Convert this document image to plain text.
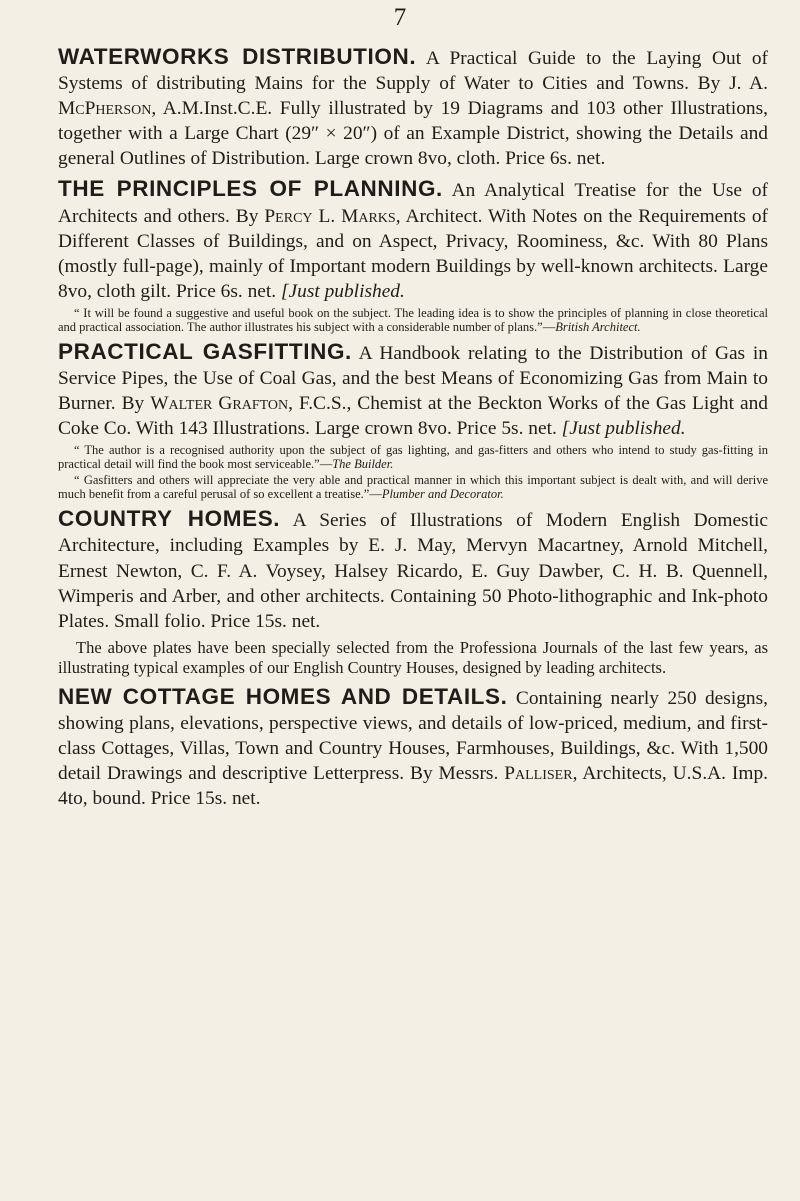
7

WATERWORKS DISTRIBUTION. A Practical Guide to the Laying Out of Systems of distributing Mains for the Supply of Water to Cities and Towns. By J. A. McPherson, A.M.Inst.C.E. Fully illustrated by 19 Diagrams and 103 other Illustrations, together with a Large Chart (29″ × 20″) of an Example District, showing the Details and general Outlines of Distribution. Large crown 8vo, cloth. Price 6s. net.

THE PRINCIPLES OF PLANNING. An Analytical Treatise for the Use of Architects and others. By Percy L. Marks, Architect. With Notes on the Requirements of Different Classes of Buildings, and on Aspect, Privacy, Roominess, &c. With 80 Plans (mostly full-page), mainly of Important modern Buildings by well-known architects. Large 8vo, cloth gilt. Price 6s. net. [Just published.

“ It will be found a suggestive and useful book on the subject. The leading idea is to show the principles of planning in close theoretical and practical association. The author illustrates his subject with a considerable number of plans.”—British Architect.

PRACTICAL GASFITTING. A Handbook relating to the Distribution of Gas in Service Pipes, the Use of Coal Gas, and the best Means of Economizing Gas from Main to Burner. By Walter Grafton, F.C.S., Chemist at the Beckton Works of the Gas Light and Coke Co. With 143 Illustrations. Large crown 8vo. Price 5s. net. [Just published.

“ The author is a recognised authority upon the subject of gas lighting, and gas-fitters and others who intend to study gas-fitting in practical detail will find the book most serviceable.”—The Builder.

“ Gasfitters and others will appreciate the very able and practical manner in which this important subject is dealt with, and will derive much benefit from a careful perusal of so excellent a treatise.”—Plumber and Decorator.

COUNTRY HOMES. A Series of Illustrations of Modern English Domestic Architecture, including Examples by E. J. May, Mervyn Macartney, Arnold Mitchell, Ernest Newton, C. F. A. Voysey, Halsey Ricardo, E. Guy Dawber, C. H. B. Quennell, Wimperis and Arber, and other architects. Containing 50 Photo-lithographic and Ink-photo Plates. Small folio. Price 15s. net.

The above plates have been specially selected from the Professiona Journals of the last few years, as illustrating typical examples of our English Country Houses, designed by leading architects.

NEW COTTAGE HOMES AND DETAILS. Containing nearly 250 designs, showing plans, elevations, perspective views, and details of low-priced, medium, and first-class Cottages, Villas, Town and Country Houses, Farmhouses, Buildings, &c. With 1,500 detail Drawings and descriptive Letterpress. By Messrs. Palliser, Architects, U.S.A. Imp. 4to, bound. Price 15s. net.
